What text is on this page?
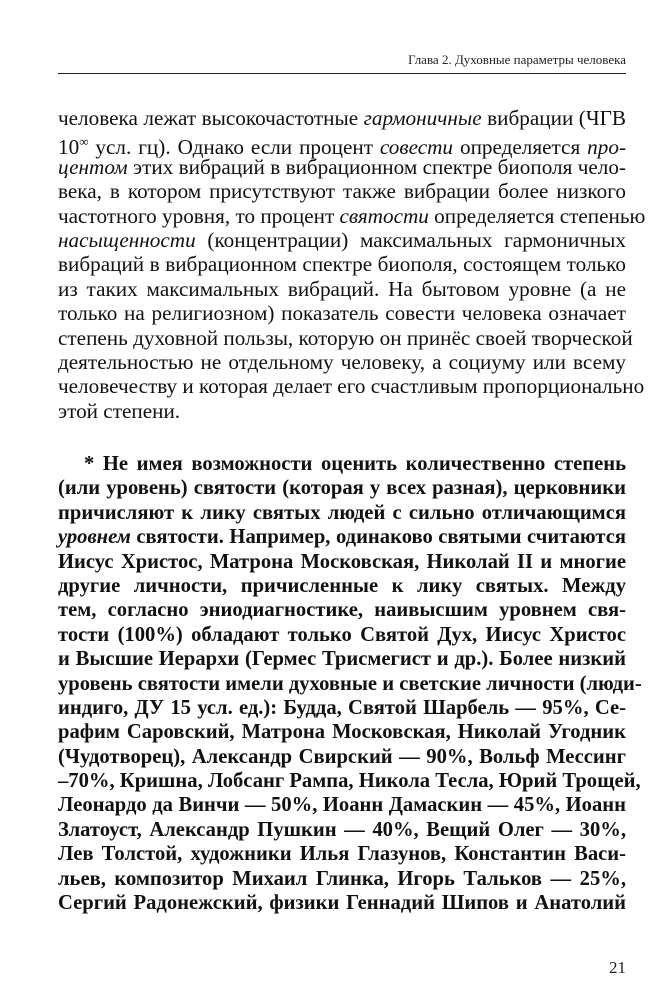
Глава 2. Духовные параметры человека
человека лежат высокочастотные гармоничные вибрации (ЧГВ
10∞ усл. гц). Однако если процент совести определяется про-
центом этих вибраций в вибрационном спектре биополя чело-
века, в котором присутствуют также вибрации более низкого
частотного уровня, то процент святости определяется степенью
насыщенности (концентрации) максимальных гармоничных
вибраций в вибрационном спектре биополя, состоящем только
из таких максимальных вибраций. На бытовом уровне (а не
только на религиозном) показатель совести человека означает
степень духовной пользы, которую он принёс своей творческой
деятельностью не отдельному человеку, а социуму или всему
человечеству и которая делает его счастливым пропорционально
этой степени.
* Не имея возможности оценить количественно степень
(или уровень) святости (которая у всех разная), церковники
причисляют к лику святых людей с сильно отличающимся
уровнем святости. Например, одинаково святыми считаются
Иисус Христос, Матрона Московская, Николай II и многие
другие личности, причисленные к лику святых. Между
тем, согласно эниодиагностике, наивысшим уровнем свя-
тости (100%) обладают только Святой Дух, Иисус Христос
и Высшие Иерархи (Гермес Трисмегист и др.). Более низкий
уровень святости имели духовные и светские личности (люди-
индиго, ДУ 15 усл. ед.): Будда, Святой Шарбель — 95%, Се-
рафим Саровский, Матрона Московская, Николай Угодник
(Чудотворец), Александр Свирский — 90%, Вольф Мессинг
–70%, Кришна, Лобсанг Рампа, Никола Тесла, Юрий Трощей,
Леонардо да Винчи — 50%, Иоанн Дамаскин — 45%, Иоанн
Златоуст, Александр Пушкин — 40%, Вещий Олег — 30%,
Лев Толстой, художники Илья Глазунов, Константин Васи-
льев, композитор Михаил Глинка, Игорь Тальков — 25%,
Сергий Радонежский, физики Геннадий Шипов и Анатолий
21
